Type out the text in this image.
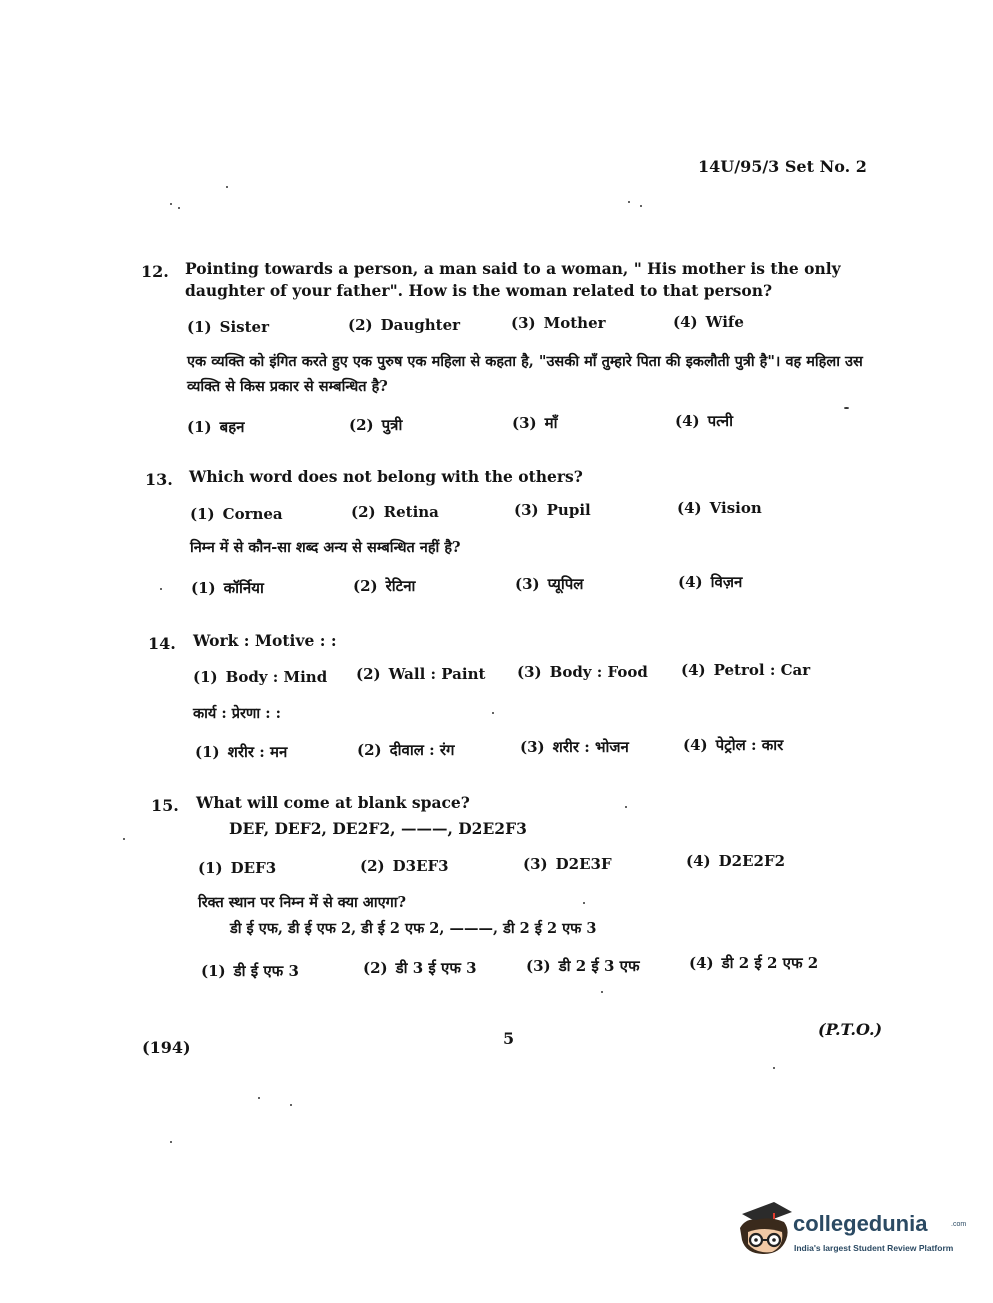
14U/95/3 Set No. 2
12. Pointing towards a person, a man said to a woman, " His mother is the only daughter of your father". How is the woman related to that person?
(1) Sister	(2) Daughter	(3) Mother	(4) Wife
एक व्यक्ति को इंगित करते हुए एक पुरुष एक महिला से कहता है, "उसकी माँ तुम्हारे पिता की इकलौती पुत्री है"। वह महिला उस व्यक्ति से किस प्रकार से सम्बन्धित है?
(1) बहन	(2) पुत्री	(3) माँ	(4) पत्नी
13. Which word does not belong with the others?
(1) Cornea	(2) Retina	(3) Pupil	(4) Vision
निम्न में से कौन-सा शब्द अन्य से सम्बन्धित नहीं है?
(1) कॉर्निया	(2) रेटिना	(3) प्यूपिल	(4) विज़न
14. Work : Motive : :
(1) Body : Mind (2) Wall : Paint (3) Body : Food (4) Petrol : Car
कार्य : प्रेरणा : :
(1) शरीर : मन	(2) दीवाल : रंग	(3) शरीर : भोजन	(4) पेट्रोल : कार
15. What will come at blank space?
DEF, DEF2, DE2F2, ———, D2E2F3
(1) DEF3	(2) D3EF3	(3) D2E3F	(4) D2E2F2
रिक्त स्थान पर निम्न में से क्या आएगा?
डी ई एफ, डी ई एफ 2, डी ई 2 एफ 2, ———, डी 2 ई 2 एफ 3
(1) डी ई एफ 3	(2) डी 3 ई एफ 3	(3) डी 2 ई 3 एफ	(4) डी 2 ई 2 एफ 2
(194)	5	(P.T.O.)
collegedunia	.com
India's largest Student Review Platform
